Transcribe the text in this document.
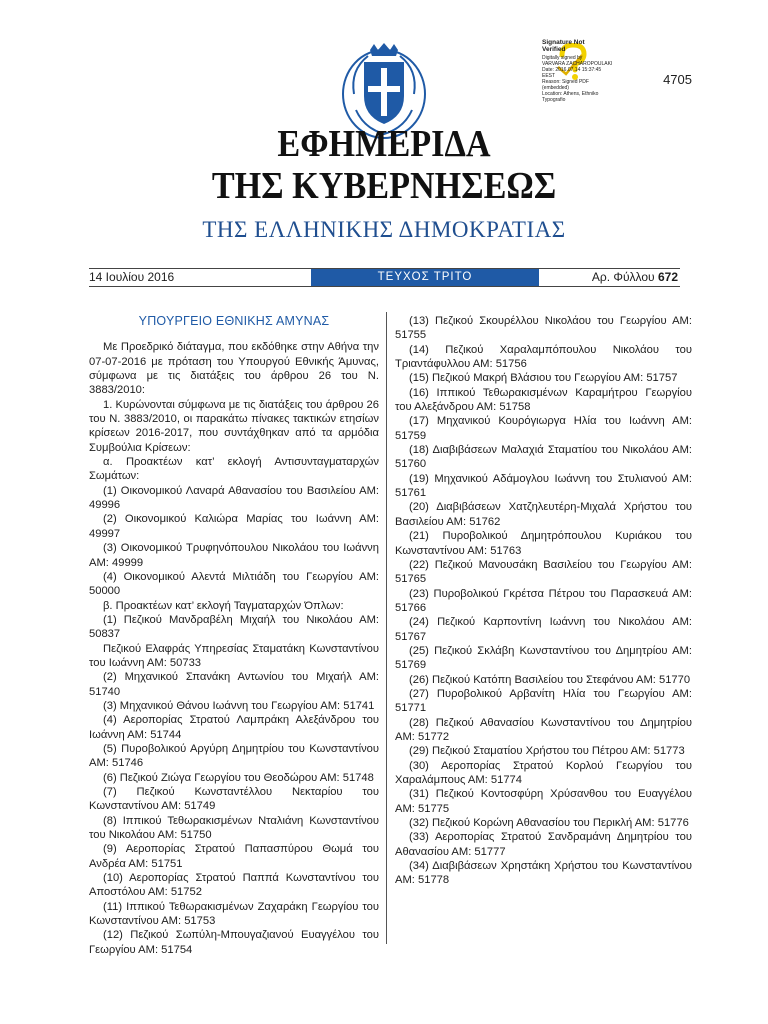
Signature Not
Verified
Digitally signed by
VARVARA ZACHAROPOULAKI
Date: 2016.07.14 15:37:45
EEST
Reason: Signed PDF
(embedded)
Location: Athens, Ethniko
Typografio
4705
ΕΦΗΜΕΡΙΔΑ
ΤΗΣ ΚΥΒΕΡΝΗΣΕΩΣ
ΤΗΣ ΕΛΛΗΝΙΚΗΣ ΔΗΜΟΚΡΑΤΙΑΣ
14 Ιουλίου 2016	ΤΕΥΧΟΣ ΤΡΙΤΟ	Αρ. Φύλλου 672
ΥΠΟΥΡΓΕΙΟ ΕΘΝΙΚΗΣ ΑΜΥΝΑΣ

Με Προεδρικό διάταγμα, που εκδόθηκε στην Αθήνα την 07-07-2016 με πρόταση του Υπουργού Εθνικής Άμυνας, σύμφωνα με τις διατάξεις του άρθρου 26 του Ν. 3883/2010:

1. Κυρώνονται σύμφωνα με τις διατάξεις του άρθρου 26 του Ν. 3883/2010, οι παρακάτω πίνακες τακτικών ετησίων κρίσεων 2016-2017, που συντάχθηκαν από τα αρμόδια Συμβούλια Κρίσεων:

α. Προακτέων κατ’ εκλογή Αντισυνταγματαρχών Σωμάτων:

(1) Οικονομικού Λαναρά Αθανασίου του Βασιλείου ΑΜ: 49996

(2) Οικονομικού Καλιώρα Μαρίας του Ιωάννη ΑΜ: 49997

(3) Οικονομικού Τρυφηνόπουλου Νικολάου του Ιωάννη ΑΜ: 49999

(4) Οικονομικού Αλεντά Μιλτιάδη του Γεωργίου ΑΜ: 50000

β. Προακτέων κατ’ εκλογή Ταγματαρχών Όπλων:

(1) Πεζικού Μανδραβέλη Μιχαήλ του Νικολάου ΑΜ: 50837

Πεζικού Ελαφράς Υπηρεσίας Σταματάκη Κωνσταντίνου του Ιωάννη ΑΜ: 50733

(2) Μηχανικού Σπανάκη Αντωνίου του Μιχαήλ ΑΜ: 51740

(3) Μηχανικού Θάνου Ιωάννη του Γεωργίου ΑΜ: 51741

(4) Αεροπορίας Στρατού Λαμπράκη Αλεξάνδρου του Ιωάννη ΑΜ: 51744

(5) Πυροβολικού Αργύρη Δημητρίου του Κωνσταντίνου ΑΜ: 51746

(6) Πεζικού Ζιώγα Γεωργίου του Θεοδώρου ΑΜ: 51748

(7) Πεζικού Κωνσταντέλλου Νεκταρίου του Κωνσταντίνου ΑΜ: 51749

(8) Ιππικού Τεθωρακισμένων Νταλιάνη Κωνσταντίνου του Νικολάου ΑΜ: 51750

(9) Αεροπορίας Στρατού Παπασπύρου Θωμά του Ανδρέα ΑΜ: 51751

(10) Αεροπορίας Στρατού Παππά Κωνσταντίνου του Αποστόλου ΑΜ: 51752

(11) Ιππικού Τεθωρακισμένων Ζαχαράκη Γεωργίου του Κωνσταντίνου ΑΜ: 51753

(12) Πεζικού Σωπύλη-Μπουγαζιανού Ευαγγέλου του Γεωργίου ΑΜ: 51754

(13) Πεζικού Σκουρέλλου Νικολάου του Γεωργίου ΑΜ: 51755

(14) Πεζικού Χαραλαμπόπουλου Νικολάου του Τριαντάφυλλου ΑΜ: 51756

(15) Πεζικού Μακρή Βλάσιου του Γεωργίου ΑΜ: 51757

(16) Ιππικού Τεθωρακισμένων Καραμήτρου Γεωργίου του Αλεξάνδρου ΑΜ: 51758

(17) Μηχανικού Κουρόγιωργα Ηλία του Ιωάννη ΑΜ: 51759

(18) Διαβιβάσεων Μαλαχιά Σταματίου του Νικολάου ΑΜ: 51760

(19) Μηχανικού Αδάμογλου Ιωάννη του Στυλιανού ΑΜ: 51761

(20) Διαβιβάσεων Χατζηλευτέρη-Μιχαλά Χρήστου του Βασιλείου ΑΜ: 51762

(21) Πυροβολικού Δημητρόπουλου Κυριάκου του Κωνσταντίνου ΑΜ: 51763

(22) Πεζικού Μανουσάκη Βασιλείου του Γεωργίου ΑΜ: 51765

(23) Πυροβολικού Γκρέτσα Πέτρου του Παρασκευά ΑΜ: 51766

(24) Πεζικού Καρποντίνη Ιωάννη του Νικολάου ΑΜ: 51767

(25) Πεζικού Σκλάβη Κωνσταντίνου του Δημητρίου ΑΜ: 51769

(26) Πεζικού Κατόπη Βασιλείου του Στεφάνου ΑΜ: 51770

(27) Πυροβολικού Αρβανίτη Ηλία του Γεωργίου ΑΜ: 51771

(28) Πεζικού Αθανασίου Κωνσταντίνου του Δημητρίου ΑΜ: 51772

(29) Πεζικού Σταματίου Χρήστου του Πέτρου ΑΜ: 51773

(30) Αεροπορίας Στρατού Κορλού Γεωργίου του Χαραλάμπους ΑΜ: 51774

(31) Πεζικού Κοντοσφύρη Χρύσανθου του Ευαγγέλου ΑΜ: 51775

(32) Πεζικού Κορώνη Αθανασίου του Περικλή ΑΜ: 51776

(33) Αεροπορίας Στρατού Σανδραμάνη Δημητρίου του Αθανασίου ΑΜ: 51777

(34) Διαβιβάσεων Χρηστάκη Χρήστου του Κωνσταντίνου ΑΜ: 51778
